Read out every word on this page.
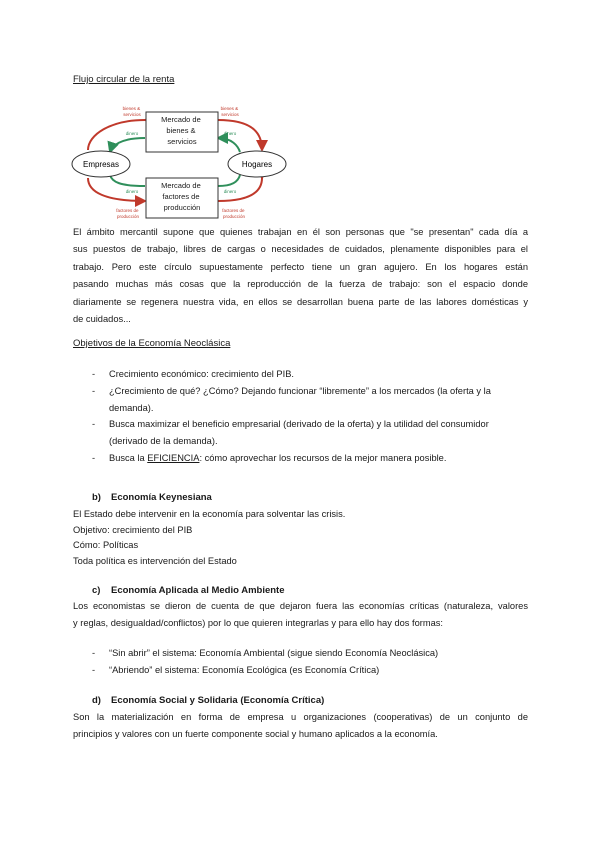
Flujo circular de la renta
Mercado de bienes & servicios
Mercado de factores de producción
Empresas	Hogares
bienes & servicios
bienes & servicios
dinero	dinero
dinero	dinero
factores de producción
factores de producción
El ámbito mercantil supone que quienes trabajan en él son personas que "se presentan" cada día a
sus puestos de trabajo, libres de cargas o necesidades de cuidados, plenamente disponibles para el
trabajo. Pero este círculo supuestamente perfecto tiene un gran agujero. En los hogares están
pasando muchas más cosas que la reproducción de la fuerza de trabajo: son el espacio donde
diariamente se regenera nuestra vida, en ellos se desarrollan buena parte de las labores domésticas y
de cuidados...
Objetivos de la Economía Neoclásica
- Crecimiento económico: crecimiento del PIB.
- ¿Crecimiento de qué? ¿Cómo? Dejando funcionar “libremente” a los mercados (la oferta y la
demanda).
- Busca maximizar el beneficio empresarial (derivado de la oferta) y la utilidad del consumidor
(derivado de la demanda).
- Busca la EFICIENCIA: cómo aprovechar los recursos de la mejor manera posible.
b) Economía Keynesiana
El Estado debe intervenir en la economía para solventar las crisis.
Objetivo: crecimiento del PIB
Cómo: Políticas
Toda política es intervención del Estado
c) Economía Aplicada al Medio Ambiente
Los economistas se dieron de cuenta de que dejaron fuera las economías críticas (naturaleza, valores
y reglas, desigualdad/conflictos) por lo que quieren integrarlas y para ello hay dos formas:
- “Sin abrir” el sistema: Economía Ambiental (sigue siendo Economía Neoclásica)
- “Abriendo” el sistema: Economía Ecológica (es Economía Crítica)
d) Economía Social y Solidaria (Economía Crítica)
Son la materialización en forma de empresa u organizaciones (cooperativas) de un conjunto de
principios y valores con un fuerte componente social y humano aplicados a la economía.
